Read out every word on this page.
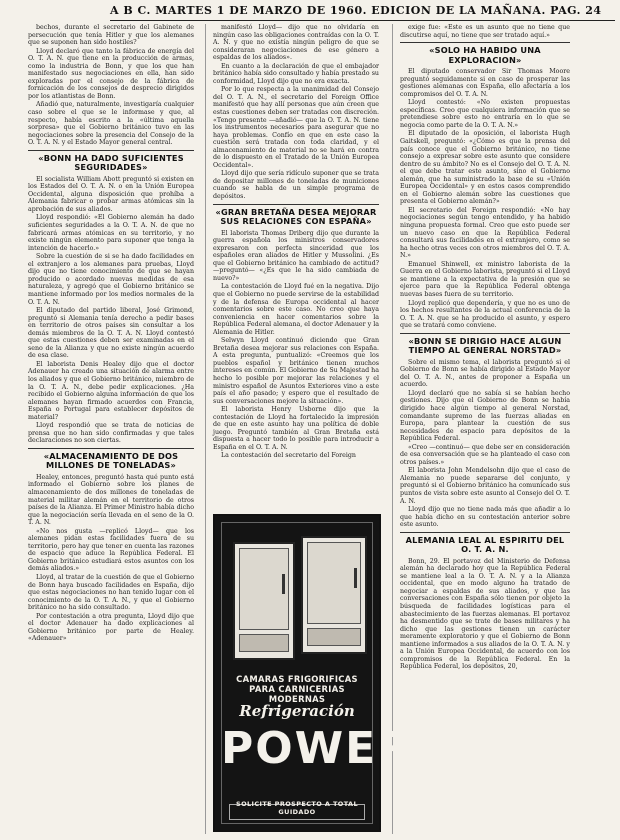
A B C. MARTES 1 DE MARZO DE 1960. EDICION DE LA MAÑANA. PAG. 24

bechos, durante el secretario del Gabinete de persecución que tenía Hitler y que los alemanes que se suponen han sido hostiles?

Lloyd declaró que tanto la fábrica de energía del O. T. A. N. que tiene en la producción de armas, como la industria de Bonn, y que los que han manifestado sus negociaciones en ella, han sido exploradas por el consejo de la fábrica de fornicación de los consejos de desprecio dirigidos por los atlantistas de Bonn.

Añadió que, naturalmente, investigaría cualquier caso sobre el que se le informase y que, al respecto, había escrito a la «última aquella sorpresa» que el Gobierno británico tuvo en las negociaciones sobre la presencia del Consejo de la O. T. A. N. y el Estado Mayor general central.

«BONN HA DADO SUFICIENTES SEGURIDADES»

El socialista William Abott preguntó si existen en los Estados del O. T. A. N. o en la Unión Europea Occidental, alguna disposición que prohíba a Alemania fabricar o probar armas atómicas sin la aprobación de sus aliados.

Lloyd respondió: «El Gobierno alemán ha dado suficientes seguridades a la O. T. A. N. de que no fabricará armas atómicas en su territorio, y no existe ningún elemento para suponer que tenga la intención de hacerlo.»

Sobre la cuestión de si se ha dado facilidades en el extranjero a los alemanes para pruebas, Lloyd dijo que no tiene conocimiento de que se hayan producido o acordado nuevas medidas de esa naturaleza, y agregó que el Gobierno británico se mantiene informado por los medios normales de la O. T. A. N.

El diputado del partido liberal, José Grimond, preguntó si Alemania tenía derecho a pedir bases en territorio de otros países sin consultar a los demás miembros de la O. T. A. N. Lloyd contestó que estas cuestiones deben ser examinadas en el seno de la Alianza y que no existe ningún acuerdo de esa clase.

El laborista Denis Healey dijo que el doctor Adenauer ha creado una situación de alarma entre los aliados y que el Gobierno británico, miembro de la O. T. A. N., debe pedir explicaciones. ¿Ha recibido el Gobierno alguna información de que los alemanes hayan firmado acuerdos con Francia, España o Portugal para establecer depósitos de material?

Lloyd respondió que se trata de noticias de prensa que no han sido confirmadas y que tales declaraciones no son ciertas.

«ALMACENAMIENTO DE DOS MILLONES DE TONELADAS»

Healey, entonces, preguntó hasta qué punto está informado el Gobierno sobre los planes de almacenamiento de dos millones de toneladas de material militar alemán en el territorio de otros países de la Alianza. El Primer Ministro había dicho que la negociación sería llevada en el seno de la O. T. A. N.

«No nos gusta —replicó Lloyd— que los alemanes pidan estas facilidades fuera de su territorio, pero hay que tener en cuenta las razones de espacio que aduce la República Federal. El Gobierno británico estudiará estos asuntos con los demás aliados.»

Lloyd, al tratar de la cuestión de que el Gobierno de Bonn haya buscado facilidades en España, dijo que estas negociaciones no han tenido lugar con el conocimiento de la O. T. A. N., y que el Gobierno británico no ha sido consultado.

Por contestación a otra pregunta, Lloyd dijo que el doctor Adenauer ha dado explicaciones al Gobierno británico por parte de Healey. «Adenauer»

manifestó Lloyd— dijo que no olvidaría en ningún caso las obligaciones contraídas con la O. T. A. N. y que no existía ningún peligro de que se consideraran negociaciones de ese género a espaldas de los aliados».

En cuanto a la declaración de que el embajador británico había sido consultado y había prestado su conformidad, Lloyd dijo que no era exacta.

Por lo que respecta a la unanimidad del Consejo del O. T. A. N., el secretario del Foreign Office manifestó que hay allí personas que aún creen que estas cuestiones deben ser tratadas con discreción. «Tengo presente —añadió— que la O. T. A. N. tiene los instrumentos necesarios para asegurar que no haya problemas. Confío en que en este caso la cuestión será tratada con toda claridad, y el almacenamiento de material no se hará en contra de lo dispuesto en el Tratado de la Unión Europea Occidental».

Lloyd dijo que sería ridículo suponer que se trata de depositar millones de toneladas de municiones cuando se habla de un simple programa de depósitos.

«GRAN BRETAÑA DESEA MEJORAR SUS RELACIONES CON ESPAÑA»

El laborista Thomas Driberg dijo que durante la guerra española los ministros conservadores expresaron con perfecta sinceridad que los españoles eran aliados de Hitler y Mussolini. ¿Es que el Gobierno británico ha cambiado de actitud? —preguntó— «¿Es que le ha sido cambiada de nuevo?»

La contestación de Lloyd fué en la negativa. Dijo que el Gobierno no puede servirse de la estabilidad y de la defensa de Europa occidental al hacer comentarios sobre este caso. No creo que haya conveniencia en hacer comentarios sobre la República Federal alemana, el doctor Adenauer y la Alemania de Hitler.

Selwyn Lloyd continuó diciendo que Gran Bretaña desea mejorar sus relaciones con España. A esta pregunta, puntualizó: «Creemos que los pueblos español y británico tienen muchos intereses en común. El Gobierno de Su Majestad ha hecho lo posible por mejorar las relaciones y el ministro español de Asuntos Exteriores vino a este país el año pasado; y espero que el resultado de sus conversaciones mejore la situación».

El laborista Henry Usborne dijo que la contestación de Lloyd ha fortalecido la impresión de que en este asunto hay una política de doble juego. Preguntó también al Gran Bretaña está dispuesta a hacer todo lo posible para introducir a España en el O. T. A. N.

La contestación del secretario del Foreign

exige fue: «Este es un asunto que no tiene que discutirse aquí, no tiene que ser tratado aquí.»

«SOLO HA HABIDO UNA EXPLORACION»

El diputado conservador Sir Thomas Moore preguntó seguidamente si en caso de prosperar las gestiones alemanas con España, ello afectaría a los compromisos del O. T. A. N.

Lloyd contestó: «No existen propuestas específicas. Creo que cualquiera información que se pretendiese sobre esto no entraría en lo que se negocia como parte de la O. T. A. N.»

El diputado de la oposición, el laborista Hugh Gaitskell, preguntó: «¿Cómo es que la prensa del país conoce que el Gobierno británico, no tiene consejo a expresar sobre este asunto que considere dentro de su ámbito? No es el Consejo del O. T. A. N. el que debe tratar este asunto, sino el Gobierno alemán, que ha suministrado la base de su «Unión Europea Occidental» y en estos casos comprendido en el Gobierno alemán sobre las cuestiones que presenta el Gobierno alemán?»

El secretario del Foreign respondió: «No hay negociaciones según tengo entendido, y ha habido ninguna propuesta formal. Creo que esto puede ser un nuevo caso en que la República Federal consultará sus facilidades en el extranjero, como se ha hecho otras veces con otros miembros del O. T. A. N.»

Emanuel Shinwell, ex ministro laborista de la Guerra en el Gobierno laborista, preguntó si el Lloyd se mantiene a la expectativa de la presión que se ejerce para que la República Federal obtenga nuevas bases fuera de su territorio.

Lloyd replicó que dependería, y que no es uno de los hechos resultantes de la actual conferencia de la O. T. A. N. que se ha producido el asunto, y espero que se tratará como conviene.

«BONN SE DIRIGIO HACE ALGUN TIEMPO AL GENERAL NORSTAD»

Sobre el mismo tema, el laborista preguntó si el Gobierno de Bonn se había dirigido al Estado Mayor del O. T. A. N., antes de proponer a España un acuerdo.

Lloyd declaró que no sabía si se habían hecho gestiones. Dijo que el Gobierno de Bonn se había dirigido hace algún tiempo al general Norstad, comandante supremo de las fuerzas aliadas en Europa, para plantear la cuestión de sus necesidades de espacio para depósitos de la República Federal.

«Creo —continuó— que debe ser en consideración de esa conversación que se ha planteado el caso con otros países.»

El laborista John Mendelsohn dijo que el caso de Alemania no puede separarse del conjunto, y preguntó si el Gobierno británico ha comunicado sus puntos de vista sobre este asunto al Consejo del O. T. A. N.

Lloyd dijo que no tiene nada más que añadir a lo que había dicho en su contestación anterior sobre este asunto.

ALEMANIA LEAL AL ESPIRITU DEL O. T. A. N.

Bonn, 29. El portavoz del Ministerio de Defensa alemán ha declarado hoy que la República Federal se mantiene leal a la O. T. A. N. y a la Alianza occidental, que en modo alguno ha tratado de negociar a espaldas de sus aliados, y que las conversaciones con España sólo tienen por objeto la búsqueda de facilidades logísticas para el abastecimiento de las fuerzas alemanas. El portavoz ha desmentido que se trate de bases militares y ha dicho que las gestiones tienen un carácter meramente exploratorio y que el Gobierno de Bonn mantiene informados a sus aliados de la O. T. A. N. y a la Unión Europea Occidental, de acuerdo con los compromisos de la República Federal. En la República Federal, los depósitos, 20,

CAMARAS FRIGORIFICAS
PARA CARNICERIAS MODERNAS
Refrigeración
POWER
SOLICITE PROSPECTO A TOTAL GUIDADO
